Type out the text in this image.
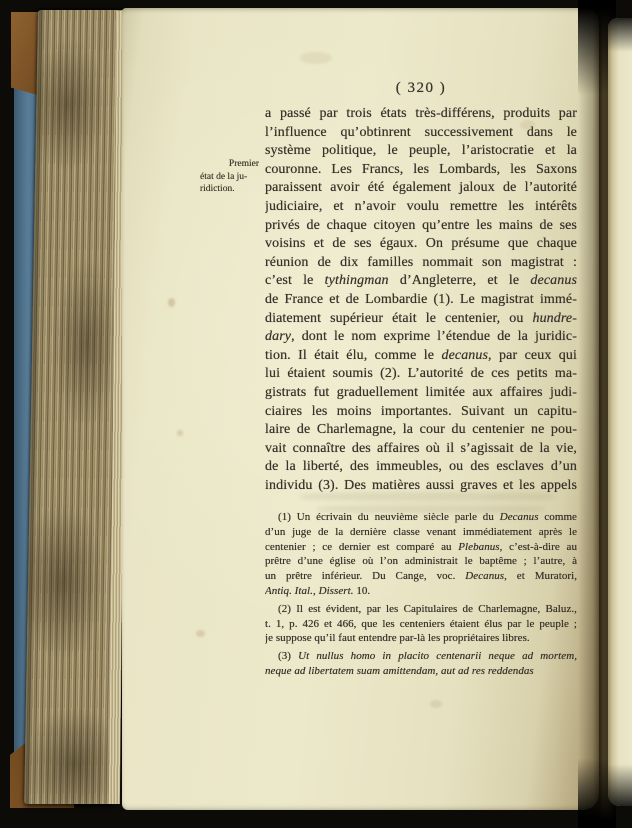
( 320 )
Premier
état de la ju-
ridiction.
a passé par trois états très-différens, produits par
l’influence qu’obtinrent successivement dans le
système politique, le peuple, l’aristocratie et la
couronne. Les Francs, les Lombards, les Saxons
paraissent avoir été également jaloux de l’autorité
judiciaire, et n’avoir voulu remettre les intérêts
privés de chaque citoyen qu’entre les mains de ses
voisins et de ses égaux. On présume que chaque
réunion de dix familles nommait son magistrat :
c’est le tythingman d’Angleterre, et le decanus
de France et de Lombardie (1). Le magistrat immé-
diatement supérieur était le centenier, ou hundre-
dary, dont le nom exprime l’étendue de la juridic-
tion. Il était élu, comme le decanus, par ceux qui
lui étaient soumis (2). L’autorité de ces petits ma-
gistrats fut graduellement limitée aux affaires judi-
ciaires les moins importantes. Suivant un capitu-
laire de Charlemagne, la cour du centenier ne pou-
vait connaître des affaires où il s’agissait de la vie,
de la liberté, des immeubles, ou des esclaves d’un
individu (3). Des matières aussi graves et les appels
(1) Un écrivain du neuvième siècle parle du Decanus comme
d’un juge de la dernière classe venant immédiatement après le
centenier ; ce dernier est comparé au Plebanus, c’est-à-dire au
prêtre d’une église où l’on administrait le baptême ; l’autre, à
un prêtre inférieur. Du Cange, voc. Decanus, et Muratori,
Antiq. Ital., Dissert. 10.
(2) Il est évident, par les Capitulaires de Charlemagne, Baluz.,
t. 1, p. 426 et 466, que les centeniers étaient élus par le peuple ;
je suppose qu’il faut entendre par-là les propriétaires libres.
(3) Ut nullus homo in placito centenarii neque ad mortem,
neque ad libertatem suam amittendam, aut ad res reddendas
